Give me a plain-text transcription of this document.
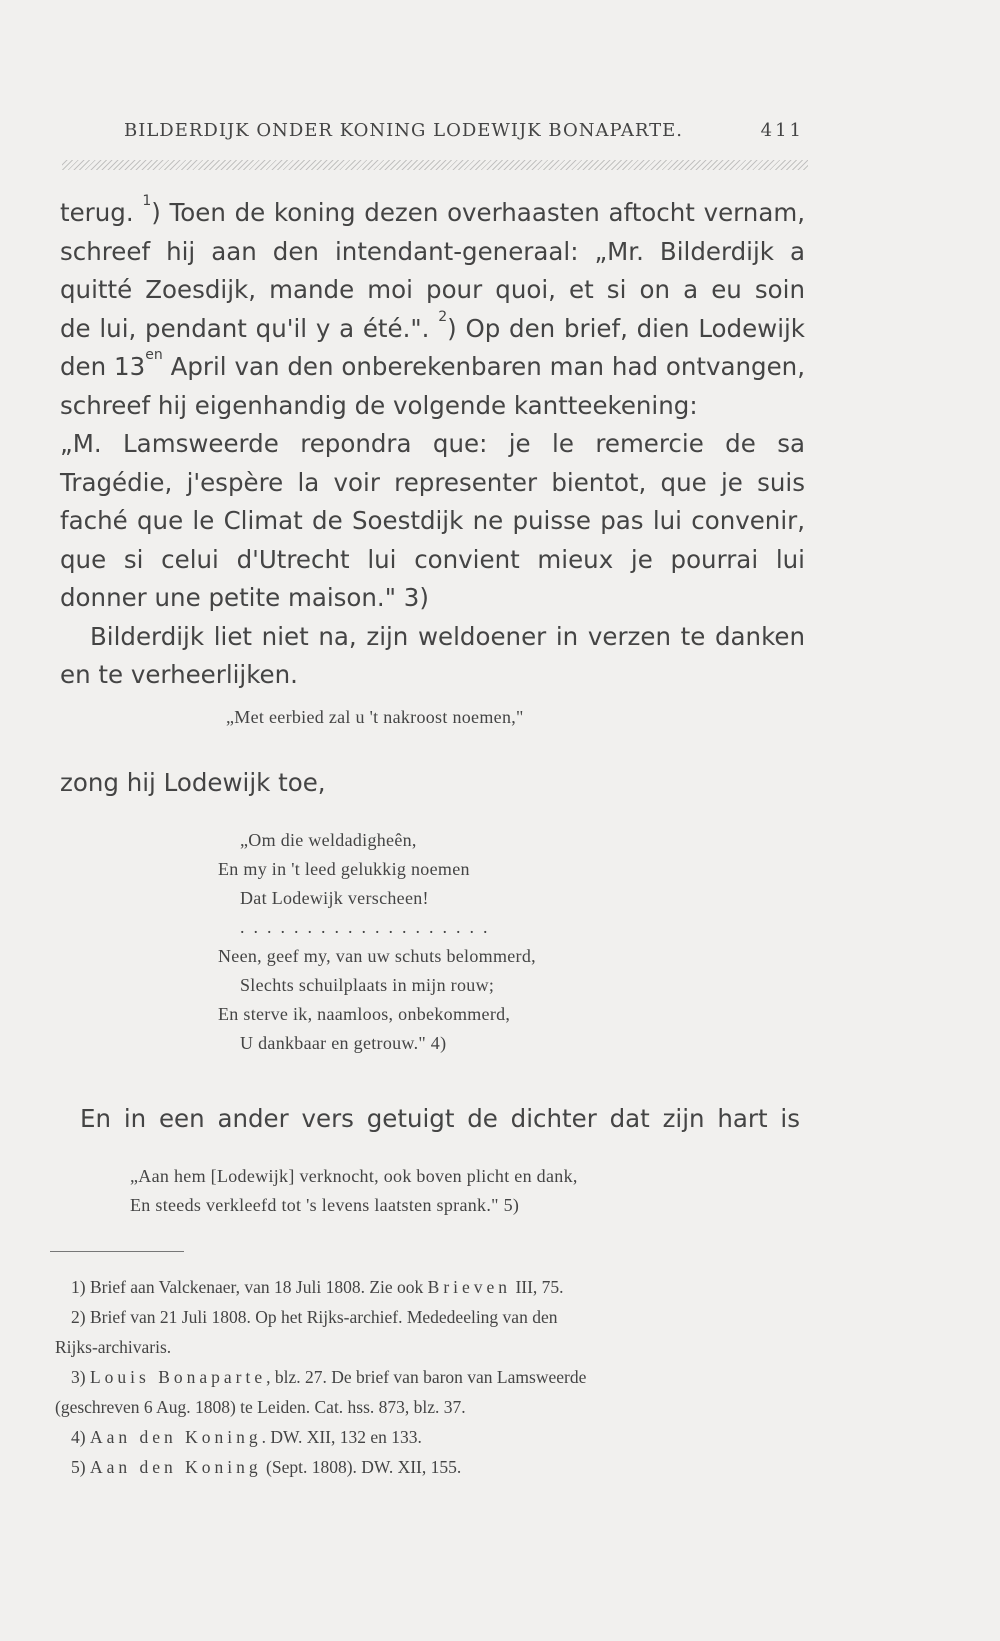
BILDERDIJK ONDER KONING LODEWIJK BONAPARTE.	411

terug. $^1$) Toen de koning dezen overhaasten aftocht vernam,

schreef hij aan den intendant-generaal: „Mr. Bilderdijk a

quitté Zoesdijk, mande moi pour quoi, et si on a eu soin

de lui, pendant qu'il y a été.". $^2$) Op den brief, dien Lodewijk

den $13^{en}$ April van den onberekenbaren man had ontvangen,

schreef hij eigenhandig de volgende kantteekening:

„M. Lamsweerde repondra que: je le remercie de sa

Tragédie, j'espère la voir representer bientot, que je suis

faché que le Climat de Soestdijk ne puisse pas lui convenir,

que si celui d'Utrecht lui convient mieux je pourrai lui

donner une petite maison." 3)

Bilderdijk liet niet na, zijn weldoener in verzen te danken

en te verheerlijken.

„Met eerbied zal u 't nakroost noemen,"
zong hij Lodewijk toe,
„Om die weldadigheên,
En my in 't leed gelukkig noemen
Dat Lodewijk verscheen!
...................
Neen, geef my, van uw schuts belommerd,
Slechts schuilplaats in mijn rouw;
En sterve ik, naamloos, onbekommerd,
U dankbaar en getrouw." 4)
En in een ander vers getuigt de dichter dat zijn hart is
„Aan hem [Lodewijk] verknocht, ook boven plicht en dank,
En steeds verkleefd tot 's levens laatsten sprank." 5)
1) Brief aan Valckenaer, van 18 Juli 1808. Zie ook Brieven III, 75.
2) Brief van 21 Juli 1808. Op het Rijks-archief. Mededeeling van den
Rijks-archivaris.
3) Louis Bonaparte, blz. 27. De brief van baron van Lamsweerde
(geschreven 6 Aug. 1808) te Leiden. Cat. hss. 873, blz. 37.
4) Aan den Koning. DW. XII, 132 en 133.
5) Aan den Koning (Sept. 1808). DW. XII, 155.
